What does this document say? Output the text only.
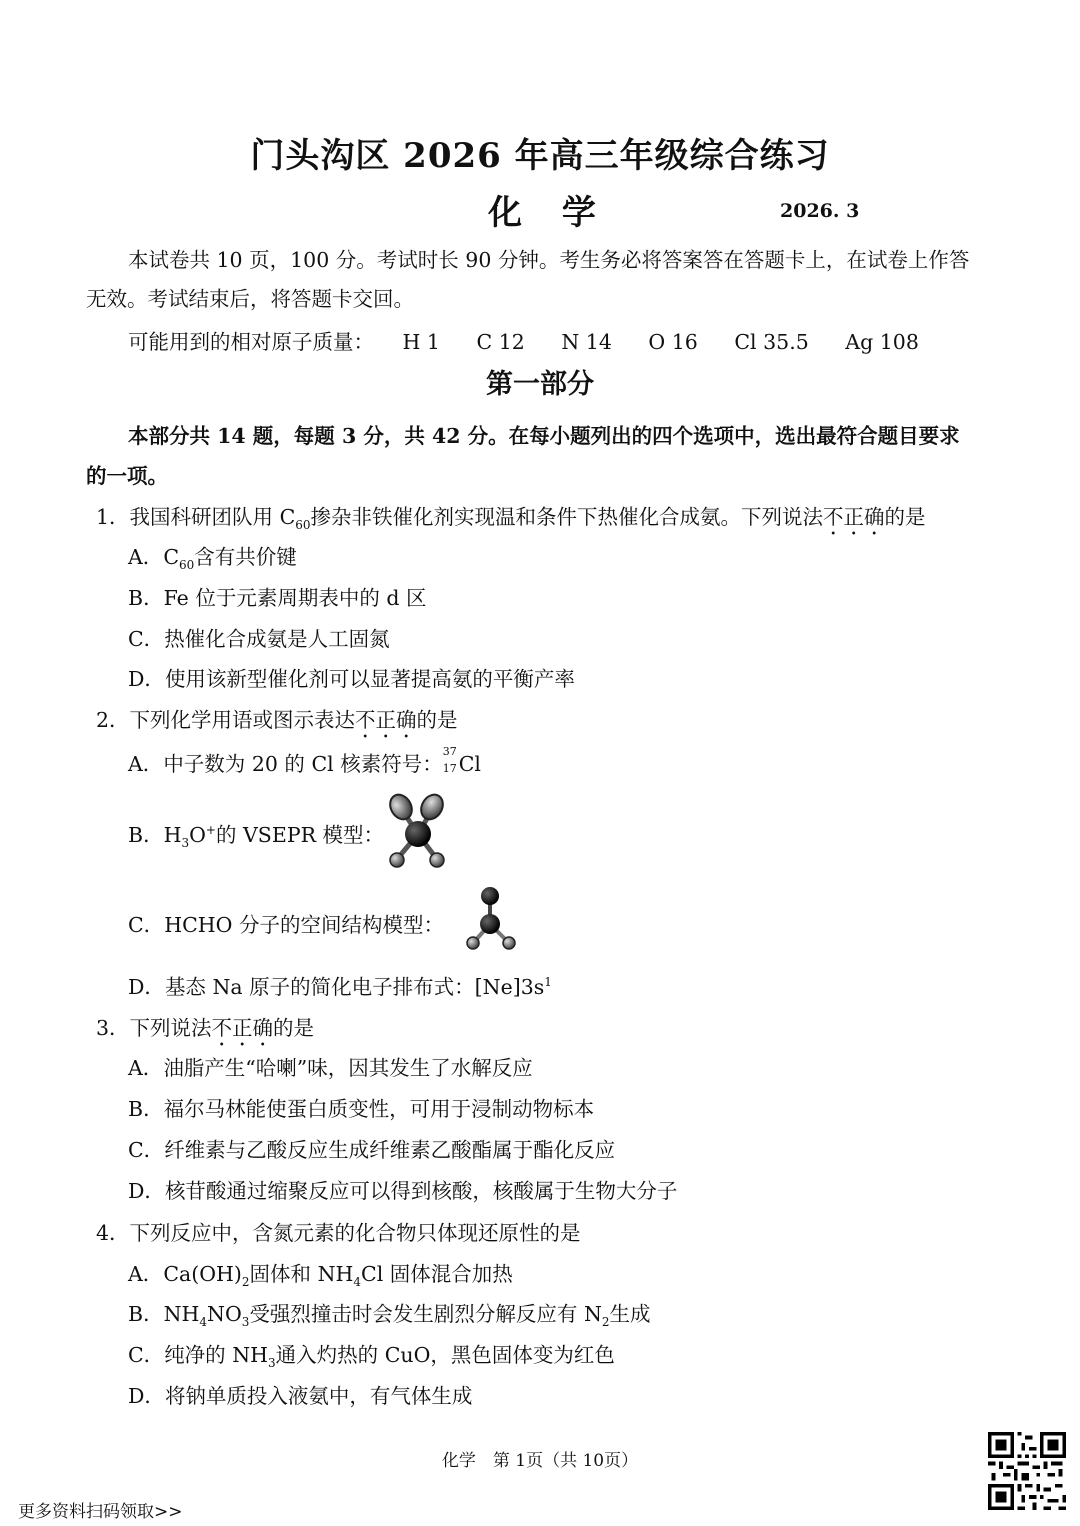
门头沟区 2026 年高三年级综合练习
化 学	2026. 3
本试卷共 10 页，100 分。考试时长 90 分钟。考生务必将答案答在答题卡上，在试卷上作答
无效。考试结束后，将答题卡交回。
可能用到的相对原子质量： H 1 C 12 N 14 O 16 Cl 35.5 Ag 108
第一部分
本部分共 14 题，每题 3 分，共 42 分。在每小题列出的四个选项中，选出最符合题目要求
的一项。
1．我国科研团队用 $C_{60}$掺杂非铁催化剂实现温和条件下热催化合成氨。下列说法不正确的是
A．$C_{60}$含有共价键
B．Fe 位于元素周期表中的 d 区
C．热催化合成氨是人工固氮
D．使用该新型催化剂可以显著提高氨的平衡产率
2．下列化学用语或图示表达不正确的是
A．中子数为 20 的 Cl 核素符号：
37
17 Cl
B．$H_3O^+$的 VSEPR 模型：
C．HCHO 分子的空间结构模型：
D．基态 Na 原子的简化电子排布式：$[Ne]3s^1$
3．下列说法不正确的是
A．油脂产生“哈喇”味，因其发生了水解反应
B．福尔马林能使蛋白质变性，可用于浸制动物标本
C．纤维素与乙酸反应生成纤维素乙酸酯属于酯化反应
D．核苷酸通过缩聚反应可以得到核酸，核酸属于生物大分子
4．下列反应中，含氮元素的化合物只体现还原性的是
A．$Ca(OH)_2$固体和 $NH_4Cl$ 固体混合加热
B．$NH_4NO_3$受强烈撞击时会发生剧烈分解反应有 $N_2$生成
C．纯净的 $NH_3$通入灼热的 CuO，黑色固体变为红色
D．将钠单质投入液氨中，有气体生成
化学　第 1页（共 10页）
更多资料扫码领取>>
